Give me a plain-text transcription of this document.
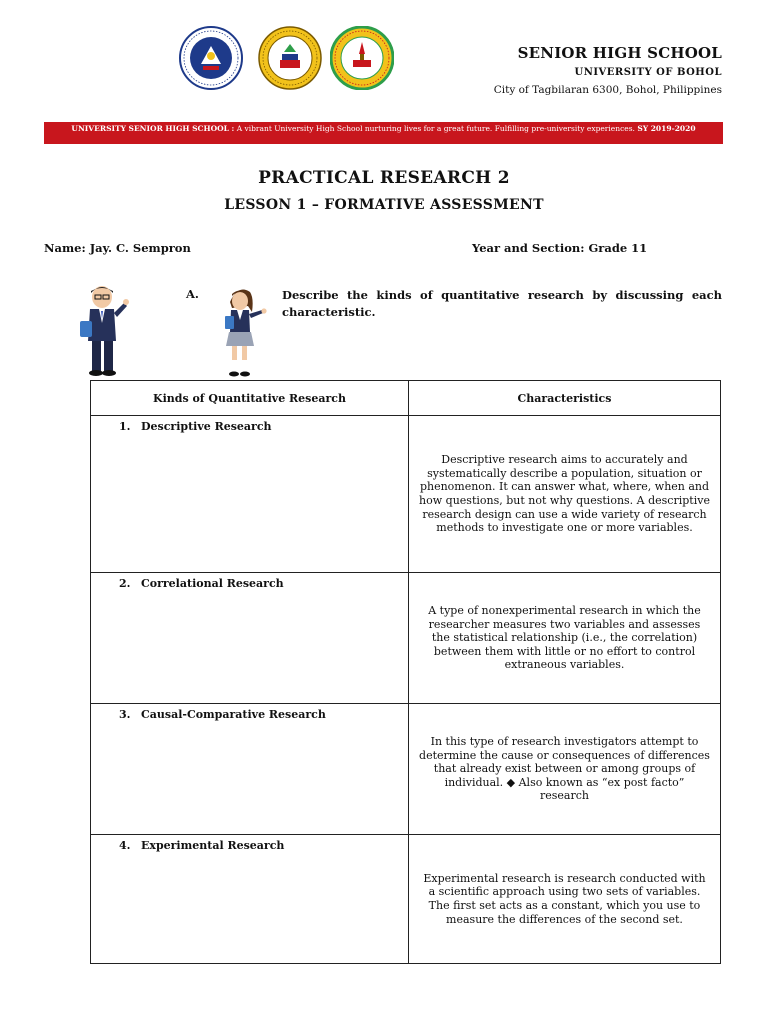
SENIOR HIGH SCHOOL
UNIVERSITY OF BOHOL
City of Tagbilaran 6300, Bohol, Philippines
UNIVERSITY SENIOR HIGH SCHOOL : A vibrant University High School nurturing lives for a great future. Fulfilling pre-university experiences. SY 2019-2020
PRACTICAL RESEARCH 2
LESSON 1 – FORMATIVE ASSESSMENT
Name: Jay. C. Sempron	Year and Section: Grade 11
A.	Describe the kinds of quantitative research by discussing each characteristic.
Kinds of Quantitative Research	Characteristics
1. Descriptive Research	Descriptive research aims to accurately and systematically describe a population, situation or phenomenon. It can answer what, where, when and how questions, but not why questions. A descriptive research design can use a wide variety of research methods to investigate one or more variables.
2. Correlational Research	A type of nonexperimental research in which the researcher measures two variables and assesses the statistical relationship (i.e., the correlation) between them with little or no effort to control extraneous variables.
3. Causal-Comparative Research	In this type of research investigators attempt to determine the cause or consequences of differences that already exist between or among groups of individual. ◆ Also known as “ex post facto” research
4. Experimental Research	Experimental research is research conducted with a scientific approach using two sets of variables. The first set acts as a constant, which you use to measure the differences of the second set.
